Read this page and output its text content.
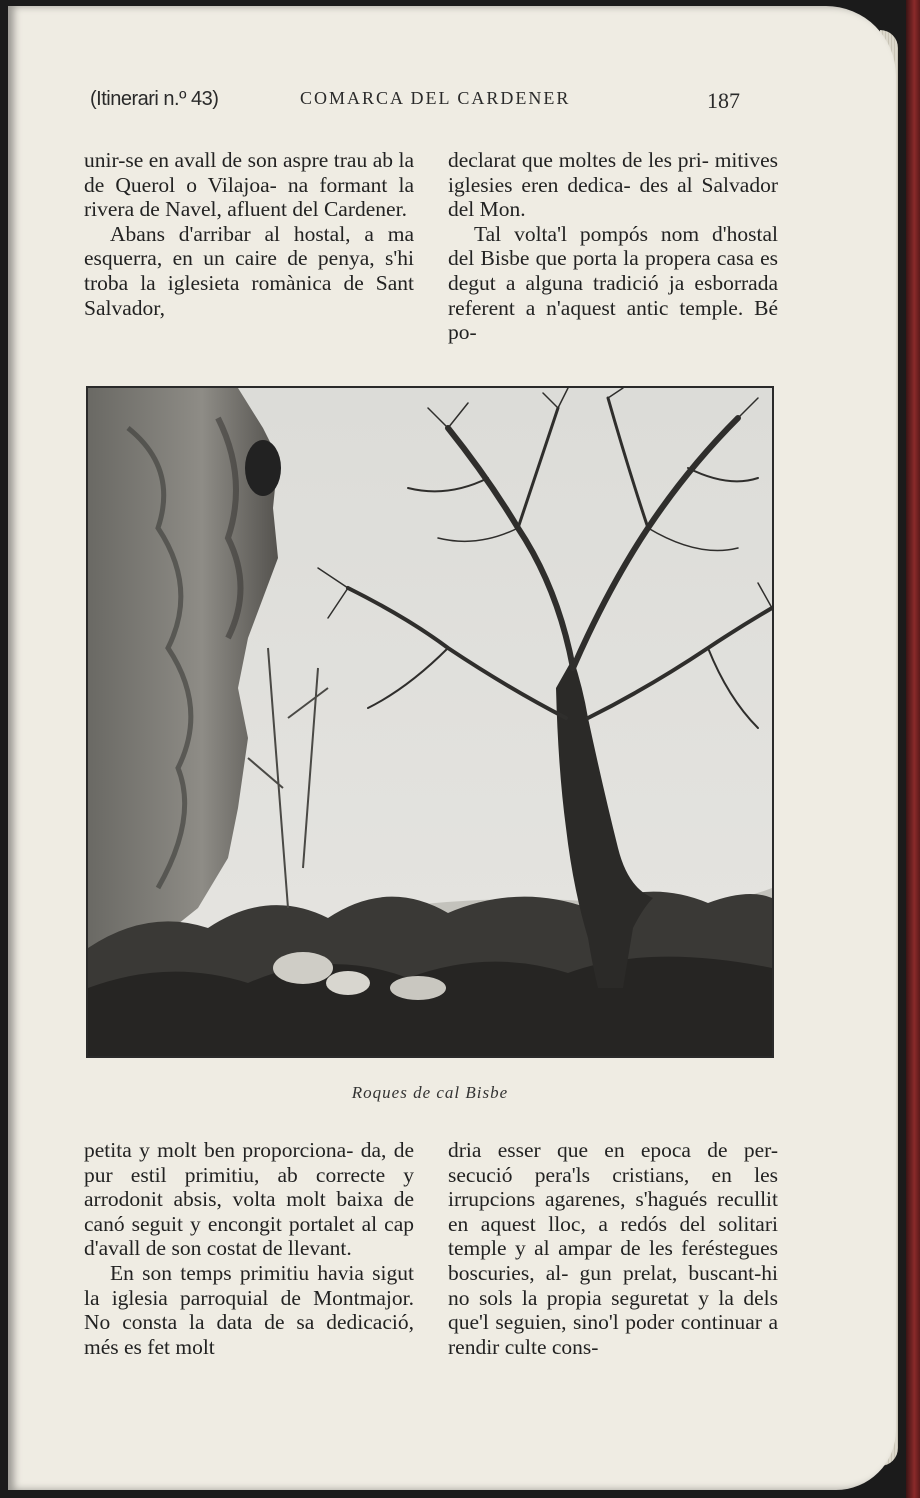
(Itinerari n.º 43)	COMARCA DEL CARDENER	187

unir-se en avall de son aspre trau ab la de Querol o Vilajoa- na formant la rivera de Navel, afluent del Cardener.

Abans d'arribar al hostal, a ma esquerra, en un caire de penya, s'hi troba la iglesieta romànica de Sant Salvador,

declarat que moltes de les pri- mitives iglesies eren dedica- des al Salvador del Mon.

Tal volta'l pompós nom d'hostal del Bisbe que porta la propera casa es degut a alguna tradició ja esborrada referent a n'aquest antic temple. Bé po-

Roques de cal Bisbe

petita y molt ben proporciona- da, de pur estil primitiu, ab correcte y arrodonit absis, volta molt baixa de canó seguit y encongit portalet al cap d'avall de son costat de llevant.

En son temps primitiu havia sigut la iglesia parroquial de Montmajor. No consta la data de sa dedicació, més es fet molt

dria esser que en epoca de per- secució pera'ls cristians, en les irrupcions agarenes, s'hagués recullit en aquest lloc, a redós del solitari temple y al ampar de les feréstegues boscuries, al- gun prelat, buscant-hi no sols la propia seguretat y la dels que'l seguien, sino'l poder continuar a rendir culte cons-
